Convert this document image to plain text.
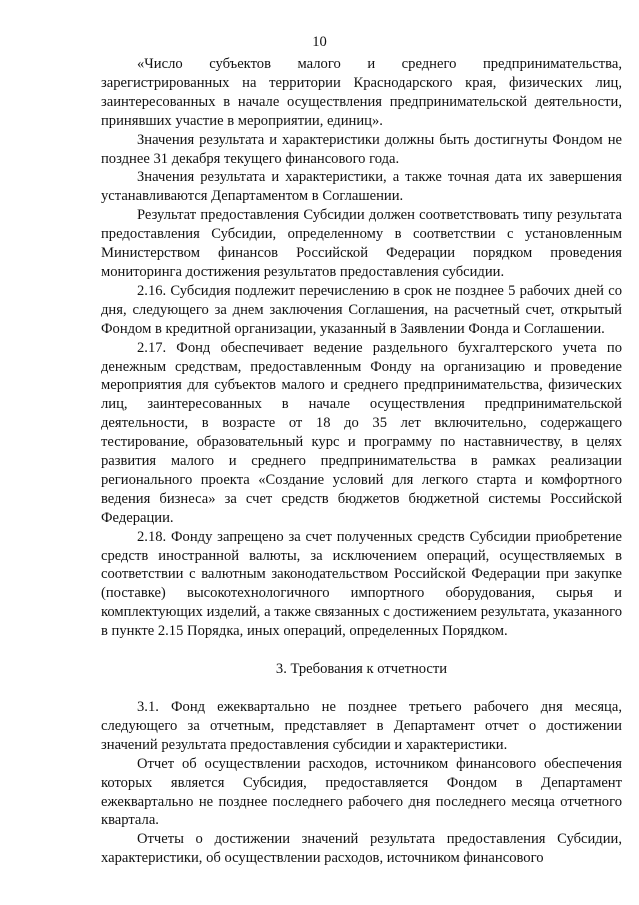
10

«Число субъектов малого и среднего предпринимательства, зарегистрированных на территории Краснодарского края, физических лиц, заинтересованных в начале осуществления предпринимательской деятельности, принявших участие в мероприятии, единиц».

Значения результата и характеристики должны быть достигнуты Фондом не позднее 31 декабря текущего финансового года.

Значения результата и характеристики, а также точная дата их завершения устанавливаются Департаментом в Соглашении.

Результат предоставления Субсидии должен соответствовать типу результата предоставления Субсидии, определенному в соответствии с установленным Министерством финансов Российской Федерации порядком проведения мониторинга достижения результатов предоставления субсидии.

2.16. Субсидия подлежит перечислению в срок не позднее 5 рабочих дней со дня, следующего за днем заключения Соглашения, на расчетный счет, открытый Фондом в кредитной организации, указанный в Заявлении Фонда и Соглашении.

2.17. Фонд обеспечивает ведение раздельного бухгалтерского учета по денежным средствам, предоставленным Фонду на организацию и проведение мероприятия для субъектов малого и среднего предпринимательства, физических лиц, заинтересованных в начале осуществления предпринимательской деятельности, в возрасте от 18 до 35 лет включительно, содержащего тестирование, образовательный курс и программу по наставничеству, в целях развития малого и среднего предпринимательства в рамках реализации регионального проекта «Создание условий для легкого старта и комфортного ведения бизнеса» за счет средств бюджетов бюджетной системы Российской Федерации.

2.18. Фонду запрещено за счет полученных средств Субсидии приобретение средств иностранной валюты, за исключением операций, осуществляемых в соответствии с валютным законодательством Российской Федерации при закупке (поставке) высокотехнологичного импортного оборудования, сырья и комплектующих изделий, а также связанных с достижением результата, указанного в пункте 2.15 Порядка, иных операций, определенных Порядком.

3. Требования к отчетности

3.1. Фонд ежеквартально не позднее третьего рабочего дня месяца, следующего за отчетным, представляет в Департамент отчет о достижении значений результата предоставления субсидии и характеристики.

Отчет об осуществлении расходов, источником финансового обеспечения которых является Субсидия, предоставляется Фондом в Департамент ежеквартально не позднее последнего рабочего дня последнего месяца отчетного квартала.

Отчеты о достижении значений результата предоставления Субсидии, характеристики, об осуществлении расходов, источником финансового
